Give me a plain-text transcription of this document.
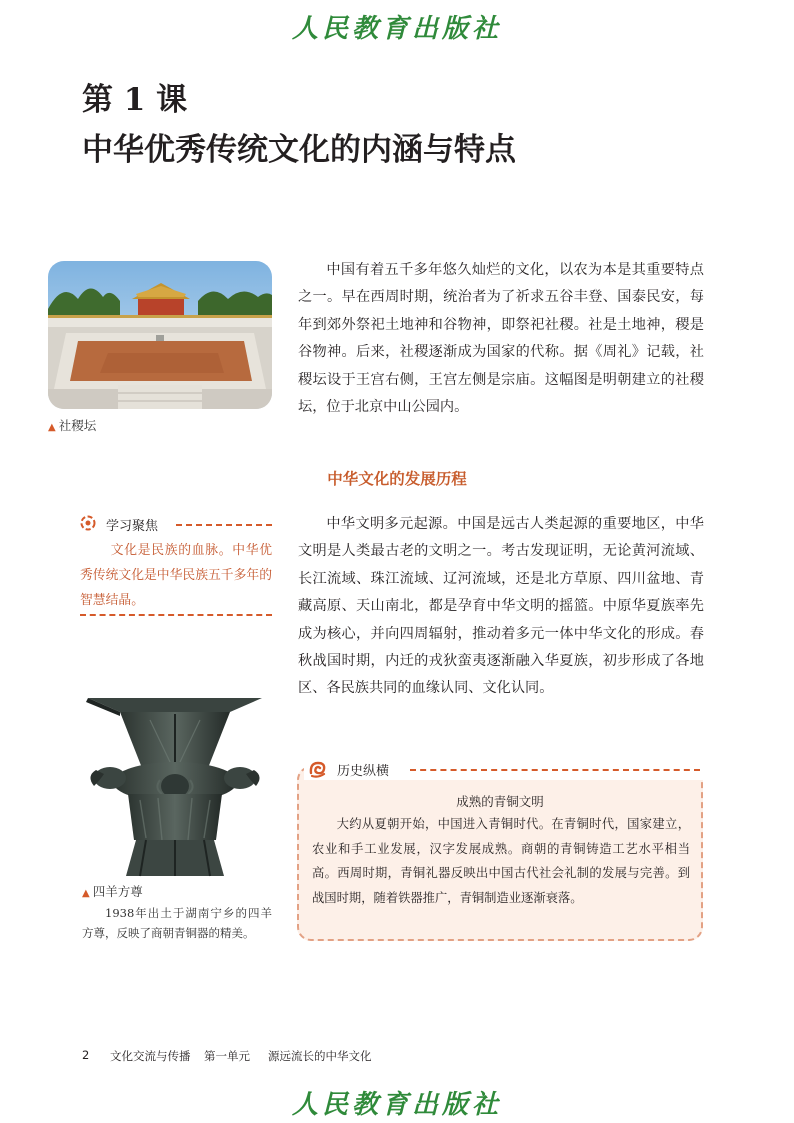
人民教育出版社
第 1 课
中华优秀传统文化的内涵与特点
▲ 社稷坛
中国有着五千多年悠久灿烂的文化，以农为本是其重要特点之一。早在西周时期，统治者为了祈求五谷丰登、国泰民安，每年到郊外祭祀土地神和谷物神，即祭祀社稷。社是土地神，稷是谷物神。后来，社稷逐渐成为国家的代称。据《周礼》记载，社稷坛设于王宫右侧，王宫左侧是宗庙。这幅图是明朝建立的社稷坛，位于北京中山公园内。
中华文化的发展历程
学习聚焦
文化是民族的血脉。中华优秀传统文化是中华民族五千多年的智慧结晶。
中华文明多元起源。中国是远古人类起源的重要地区，中华文明是人类最古老的文明之一。考古发现证明，无论黄河流域、长江流域、珠江流域、辽河流域，还是北方草原、四川盆地、青藏高原、天山南北，都是孕育中华文明的摇篮。中原华夏族率先成为核心，并向四周辐射，推动着多元一体中华文化的形成。春秋战国时期，内迁的戎狄蛮夷逐渐融入华夏族，初步形成了各地区、各民族共同的血缘认同、文化认同。
▲ 四羊方尊
1938年出土于湖南宁乡的四羊方尊，反映了商朝青铜器的精美。
历史纵横
成熟的青铜文明
大约从夏朝开始，中国进入青铜时代。在青铜时代，国家建立，农业和手工业发展，汉字发展成熟。商朝的青铜铸造工艺水平相当高。西周时期，青铜礼器反映出中国古代社会礼制的发展与完善。到战国时期，随着铁器推广，青铜制造业逐渐衰落。
2 文化交流与传播 第一单元 源远流长的中华文化
人民教育出版社
